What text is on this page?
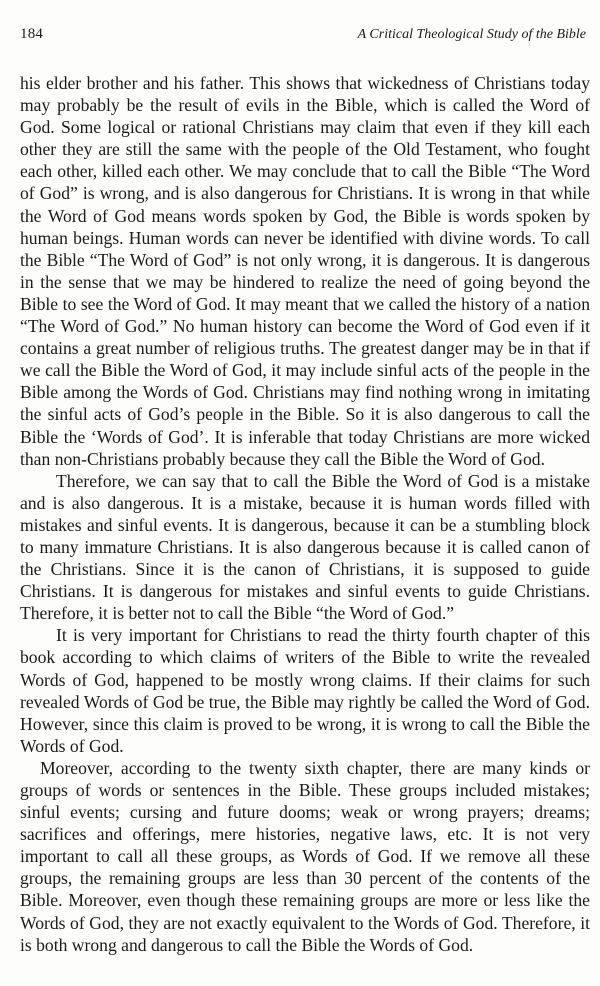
184	A Critical Theological Study of the Bible

his elder brother and his father. This shows that wickedness of Christians today may probably be the result of evils in the Bible, which is called the Word of God. Some logical or rational Christians may claim that even if they kill each other they are still the same with the people of the Old Testament, who fought each other, killed each other. We may conclude that to call the Bible “The Word of God” is wrong, and is also dangerous for Christians. It is wrong in that while the Word of God means words spoken by God, the Bible is words spoken by human beings. Human words can never be identified with divine words. To call the Bible “The Word of God” is not only wrong, it is dangerous. It is dangerous in the sense that we may be hindered to realize the need of going beyond the Bible to see the Word of God. It may meant that we called the history of a nation “The Word of God.” No human history can become the Word of God even if it contains a great number of religious truths. The greatest danger may be in that if we call the Bible the Word of God, it may include sinful acts of the people in the Bible among the Words of God. Christians may find nothing wrong in imitating the sinful acts of God’s people in the Bible. So it is also dangerous to call the Bible the ‘Words of God’. It is inferable that today Christians are more wicked than non-Christians probably because they call the Bible the Word of God.

Therefore, we can say that to call the Bible the Word of God is a mistake and is also dangerous. It is a mistake, because it is human words filled with mistakes and sinful events. It is dangerous, because it can be a stumbling block to many immature Christians. It is also dangerous because it is called canon of the Christians. Since it is the canon of Christians, it is supposed to guide Christians. It is dangerous for mistakes and sinful events to guide Christians. Therefore, it is better not to call the Bible “the Word of God.”

It is very important for Christians to read the thirty fourth chapter of this book according to which claims of writers of the Bible to write the revealed Words of God, happened to be mostly wrong claims. If their claims for such revealed Words of God be true, the Bible may rightly be called the Word of God. However, since this claim is proved to be wrong, it is wrong to call the Bible the Words of God.

Moreover, according to the twenty sixth chapter, there are many kinds or groups of words or sentences in the Bible. These groups included mistakes; sinful events; cursing and future dooms; weak or wrong prayers; dreams; sacrifices and offerings, mere histories, negative laws, etc. It is not very important to call all these groups, as Words of God. If we remove all these groups, the remaining groups are less than 30 percent of the contents of the Bible. Moreover, even though these remaining groups are more or less like the Words of God, they are not exactly equivalent to the Words of God. Therefore, it is both wrong and dangerous to call the Bible the Words of God.
